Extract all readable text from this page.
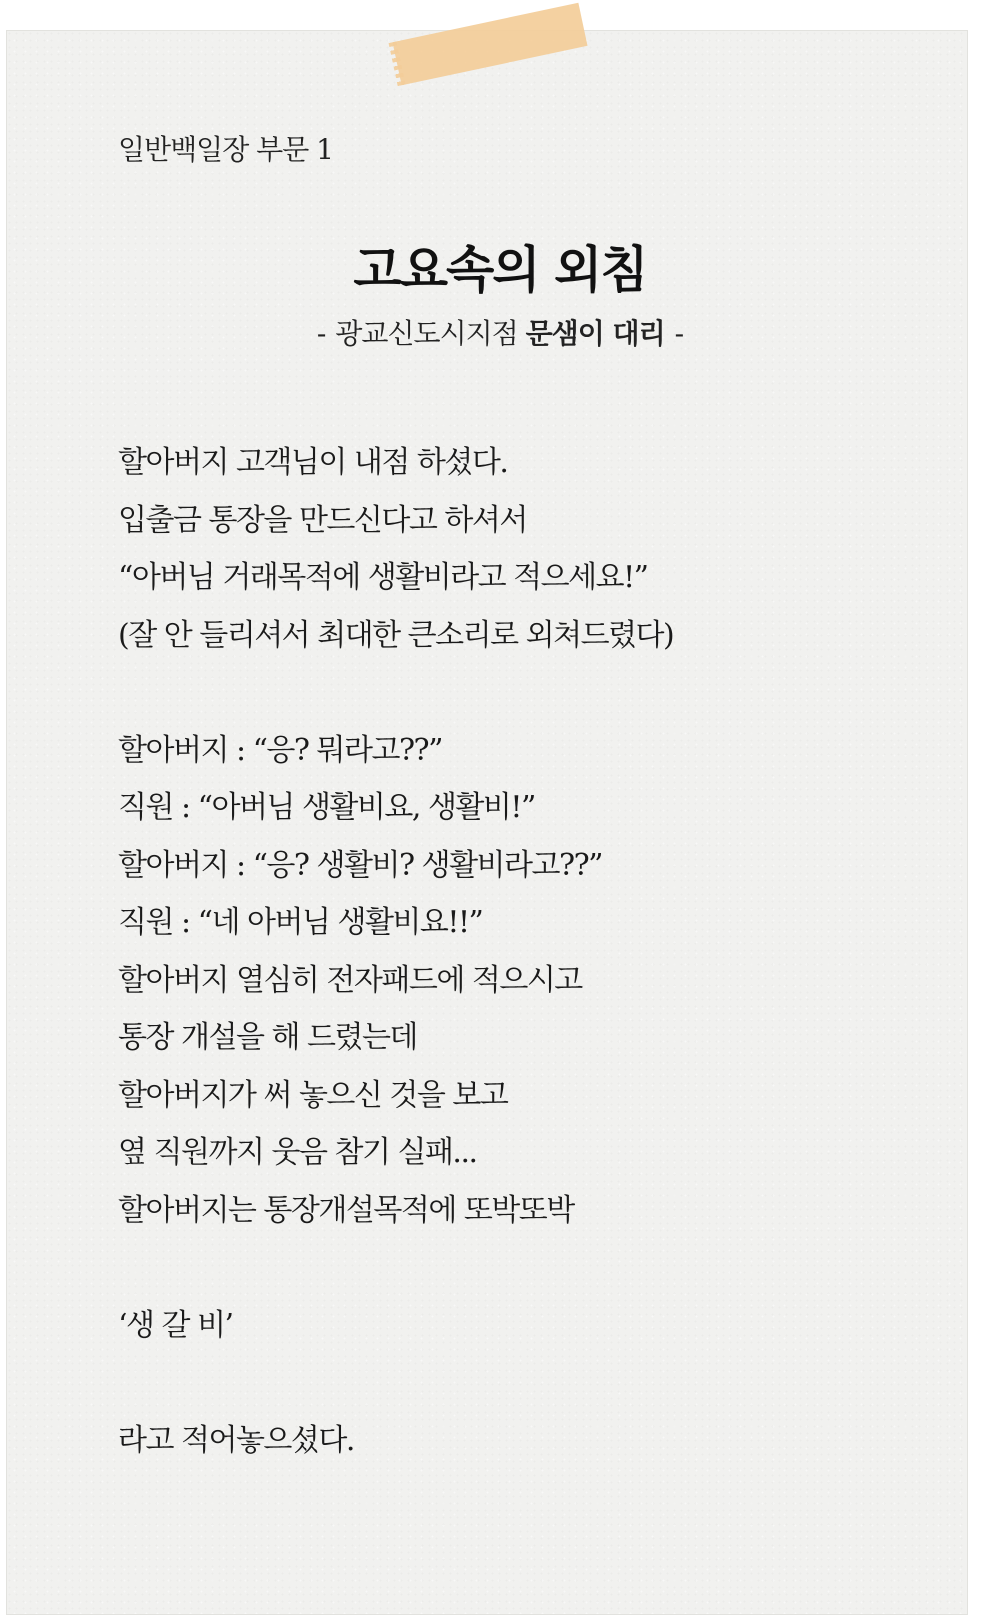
일반백일장 부문 1
고요속의 외침
- 광교신도시지점 문샘이 대리 -
할아버지 고객님이 내점 하셨다.
입출금 통장을 만드신다고 하셔서
“아버님 거래목적에 생활비라고 적으세요!”
(잘 안 들리셔서 최대한 큰소리로 외쳐드렸다)
할아버지 : “응? 뭐라고??”
직원 : “아버님 생활비요, 생활비!”
할아버지 : “응? 생활비? 생활비라고??”
직원 : “네 아버님 생활비요!!”
할아버지 열심히 전자패드에 적으시고
통장 개설을 해 드렸는데
할아버지가 써 놓으신 것을 보고
옆 직원까지 웃음 참기 실패...
할아버지는 통장개설목적에 또박또박
‘생 갈 비’
라고 적어놓으셨다.
